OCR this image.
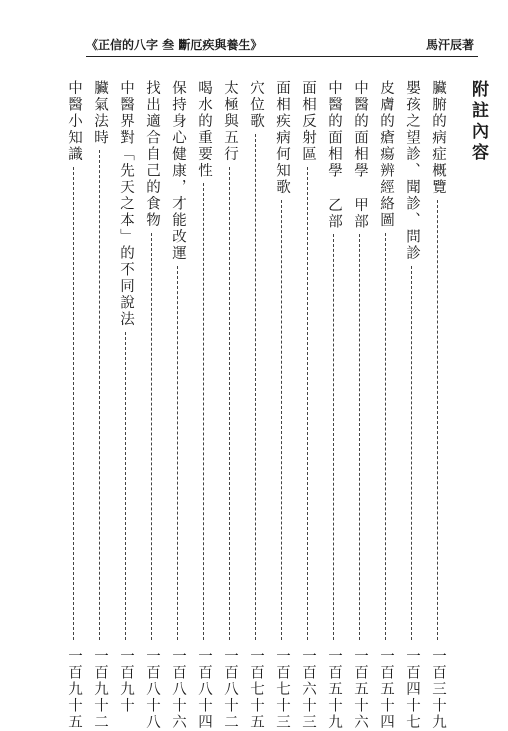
《正信的八字 叁 斷厄疾與養生》	馬汗辰著
附註內容
臟腑的病症概覽
一百三十九
嬰孩之望診、聞診、問診
一百四十七
皮膚的瘡瘍辨經絡圖
一百五十四
中醫的面相學 甲部
一百五十六
中醫的面相學 乙部
一百五十九
面相反射區
一百六十三
面相疾病何知歌
一百七十三
穴位歌
一百七十五
太極與五行
一百八十二
喝水的重要性
一百八十四
保持身心健康，才能改運
一百八十六
找出適合自己的食物
一百八十八
中醫界對「先天之本」的不同說法
一百九十
臟氣法時
一百九十二
中醫小知識
一百九十五
